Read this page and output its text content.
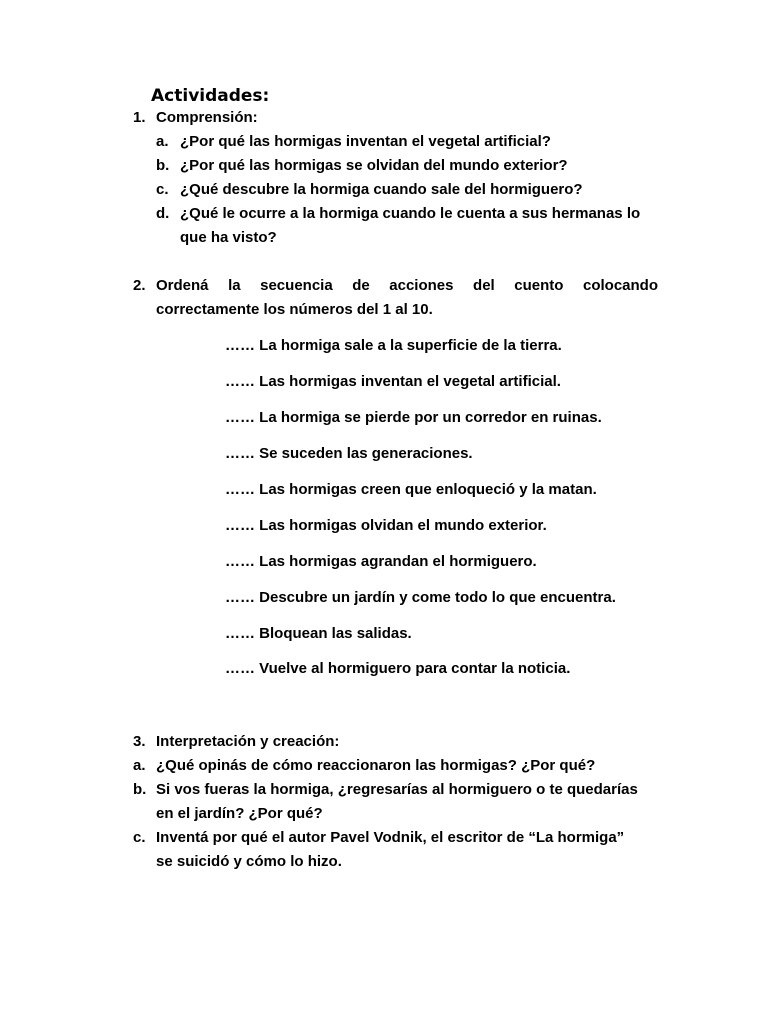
Actividades:
1. Comprensión:
a. ¿Por qué las hormigas inventan el vegetal artificial?
b. ¿Por qué las hormigas se olvidan del mundo exterior?
c. ¿Qué descubre la hormiga cuando sale del hormiguero?
d. ¿Qué le ocurre a la hormiga cuando le cuenta a sus hermanas lo
que ha visto?
2. Ordená la secuencia de acciones del cuento colocando
correctamente los números del 1 al 10.
…… La hormiga sale a la superficie de la tierra.
…… Las hormigas inventan el vegetal artificial.
…… La hormiga se pierde por un corredor en ruinas.
…… Se suceden las generaciones.
…… Las hormigas creen que enloqueció y la matan.
…… Las hormigas olvidan el mundo exterior.
…… Las hormigas agrandan el hormiguero.
…… Descubre un jardín y come todo lo que encuentra.
…… Bloquean las salidas.
…… Vuelve al hormiguero para contar la noticia.
3. Interpretación y creación:
a. ¿Qué opinás de cómo reaccionaron las hormigas? ¿Por qué?
b. Si vos fueras la hormiga, ¿regresarías al hormiguero o te quedarías
en el jardín? ¿Por qué?
c. Inventá por qué el autor Pavel Vodnik, el escritor de “La hormiga”
se suicidó y cómo lo hizo.
